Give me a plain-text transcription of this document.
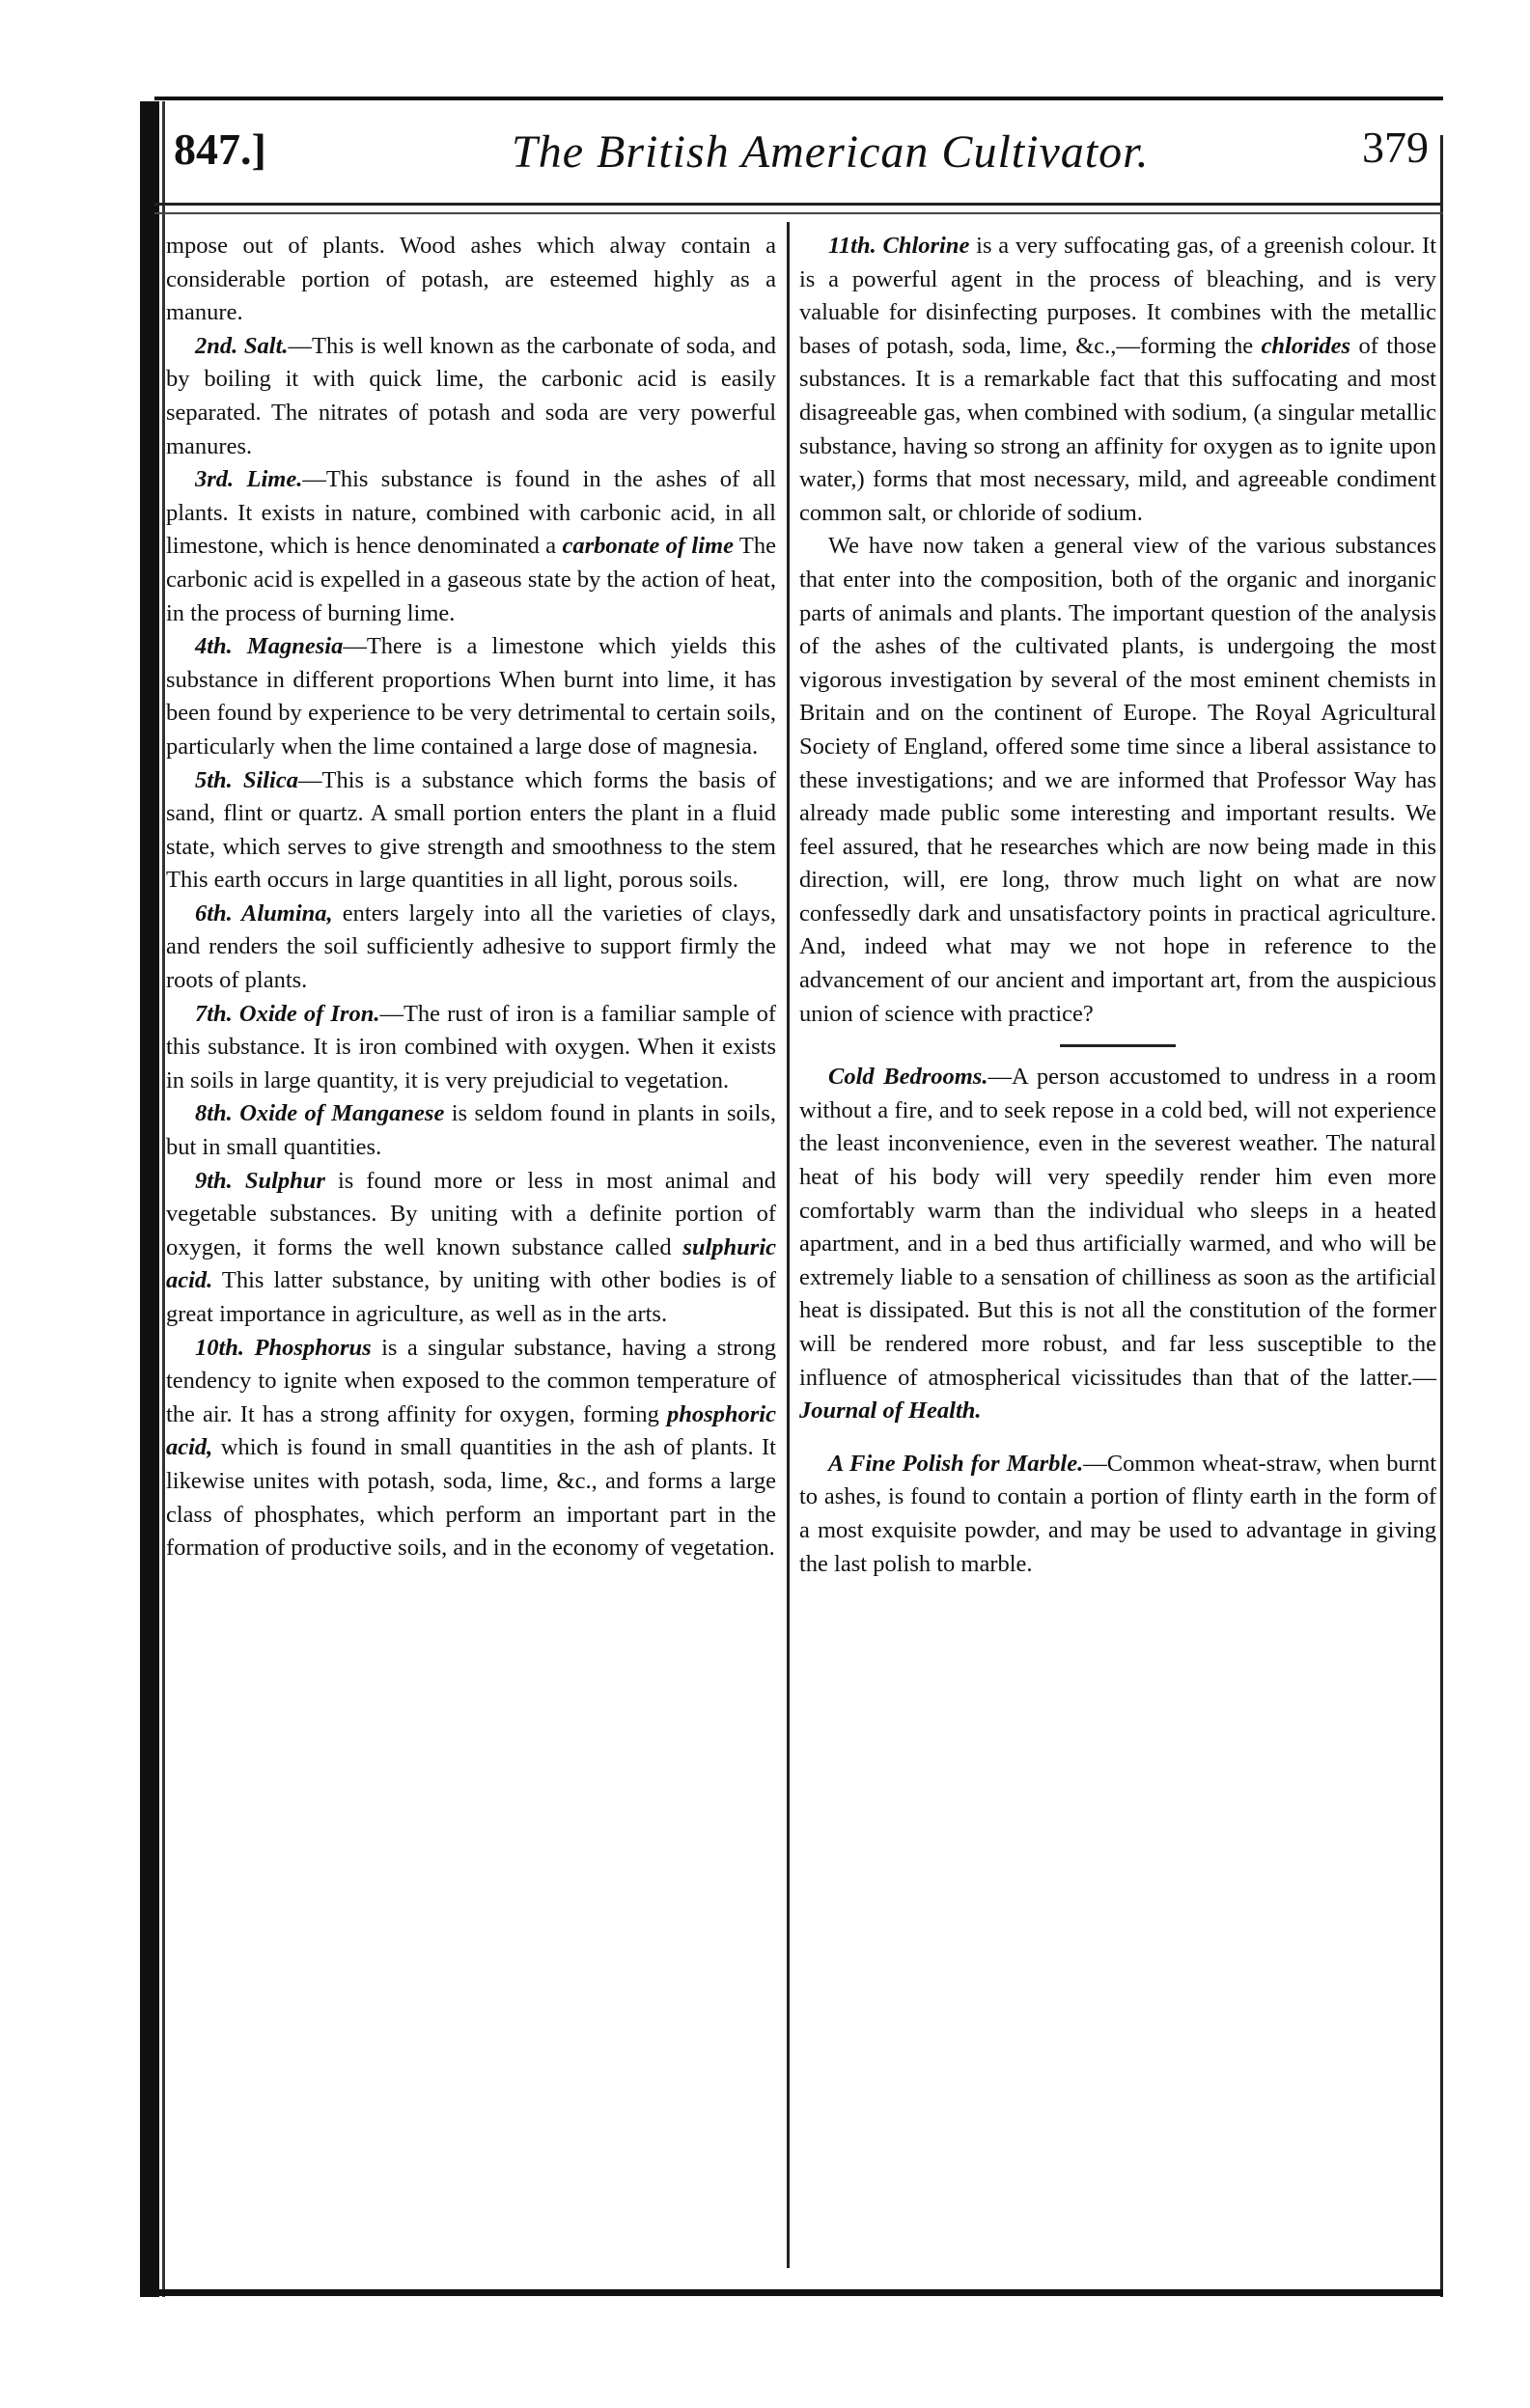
847.]	The British American Cultivator.	379

mpose out of plants. Wood ashes which alway contain a considerable portion of potash, are esteemed highly as a manure.

2nd. Salt.—This is well known as the carbonate of soda, and by boiling it with quick lime, the carbonic acid is easily separated. The nitrates of potash and soda are very powerful manures.

3rd. Lime.—This substance is found in the ashes of all plants. It exists in nature, combined with carbonic acid, in all limestone, which is hence denominated a carbonate of lime The carbonic acid is expelled in a gaseous state by the action of heat, in the process of burning lime.

4th. Magnesia—There is a limestone which yields this substance in different proportions When burnt into lime, it has been found by experience to be very detrimental to certain soils, particularly when the lime contained a large dose of magnesia.

5th. Silica—This is a substance which forms the basis of sand, flint or quartz. A small portion enters the plant in a fluid state, which serves to give strength and smoothness to the stem This earth occurs in large quantities in all light, porous soils.

6th. Alumina, enters largely into all the varieties of clays, and renders the soil sufficiently adhesive to support firmly the roots of plants.

7th. Oxide of Iron.—The rust of iron is a familiar sample of this substance. It is iron combined with oxygen. When it exists in soils in large quantity, it is very prejudicial to vegetation.

8th. Oxide of Manganese is seldom found in plants in soils, but in small quantities.

9th. Sulphur is found more or less in most animal and vegetable substances. By uniting with a definite portion of oxygen, it forms the well known substance called sulphuric acid. This latter substance, by uniting with other bodies is of great importance in agriculture, as well as in the arts.

10th. Phosphorus is a singular substance, having a strong tendency to ignite when exposed to the common temperature of the air. It has a strong affinity for oxygen, forming phosphoric acid, which is found in small quantities in the ash of plants. It likewise unites with potash, soda, lime, &c., and forms a large class of phosphates, which perform an important part in the formation of productive soils, and in the economy of vegetation.

11th. Chlorine is a very suffocating gas, of a greenish colour. It is a powerful agent in the process of bleaching, and is very valuable for disinfecting purposes. It combines with the metallic bases of potash, soda, lime, &c.,—forming the chlorides of those substances. It is a remarkable fact that this suffocating and most disagreeable gas, when combined with sodium, (a singular metallic substance, having so strong an affinity for oxygen as to ignite upon water,) forms that most necessary, mild, and agreeable condiment common salt, or chloride of sodium.

We have now taken a general view of the various substances that enter into the composition, both of the organic and inorganic parts of animals and plants. The important question of the analysis of the ashes of the cultivated plants, is undergoing the most vigorous investigation by several of the most eminent chemists in Britain and on the continent of Europe. The Royal Agricultural Society of England, offered some time since a liberal assistance to these investigations; and we are informed that Professor Way has already made public some interesting and important results. We feel assured, that he researches which are now being made in this direction, will, ere long, throw much light on what are now confessedly dark and unsatisfactory points in practical agriculture. And, indeed what may we not hope in reference to the advancement of our ancient and important art, from the auspicious union of science with practice?

Cold Bedrooms.—A person accustomed to undress in a room without a fire, and to seek repose in a cold bed, will not experience the least inconvenience, even in the severest weather. The natural heat of his body will very speedily render him even more comfortably warm than the individual who sleeps in a heated apartment, and in a bed thus artificially warmed, and who will be extremely liable to a sensation of chilliness as soon as the artificial heat is dissipated. But this is not all the constitution of the former will be rendered more robust, and far less susceptible to the influence of atmospherical vicissitudes than that of the latter.—Journal of Health.

A Fine Polish for Marble.—Common wheat-straw, when burnt to ashes, is found to contain a portion of flinty earth in the form of a most exquisite powder, and may be used to advantage in giving the last polish to marble.
